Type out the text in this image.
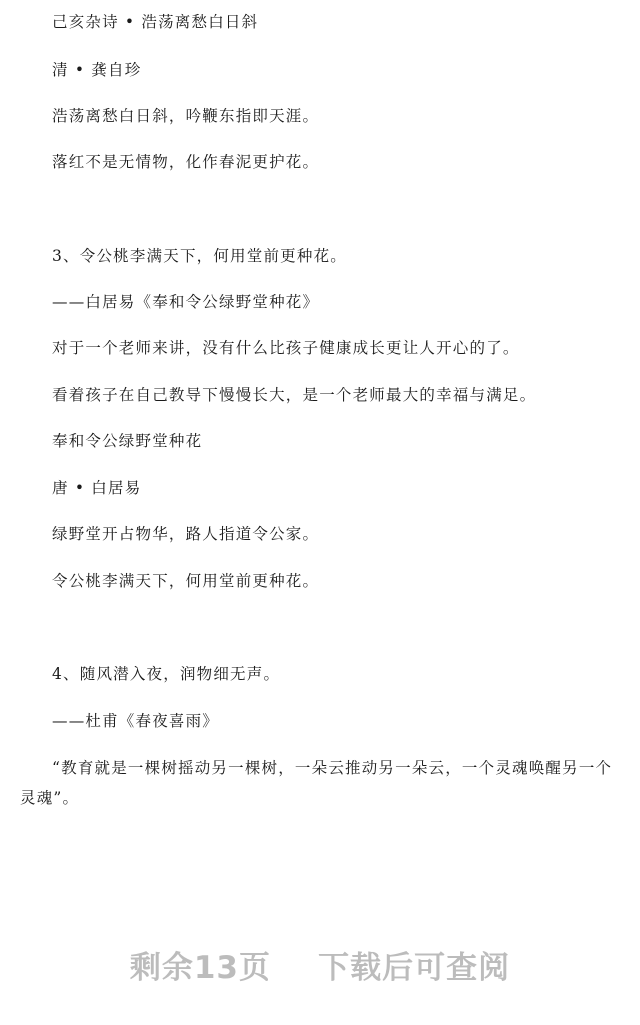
己亥杂诗 • 浩荡离愁白日斜
清 • 龚自珍
浩荡离愁白日斜，吟鞭东指即天涯。
落红不是无情物，化作春泥更护花。
3、令公桃李满天下，何用堂前更种花。
——白居易《奉和令公绿野堂种花》
对于一个老师来讲，没有什么比孩子健康成长更让人开心的了。
看着孩子在自己教导下慢慢长大，是一个老师最大的幸福与满足。
奉和令公绿野堂种花
唐 • 白居易
绿野堂开占物华，路人指道令公家。
令公桃李满天下，何用堂前更种花。
4、随风潜入夜，润物细无声。
——杜甫《春夜喜雨》
“教育就是一棵树摇动另一棵树，一朵云推动另一朵云，一个灵魂唤醒另一个灵魂”。
剩余13页 下载后可查阅
